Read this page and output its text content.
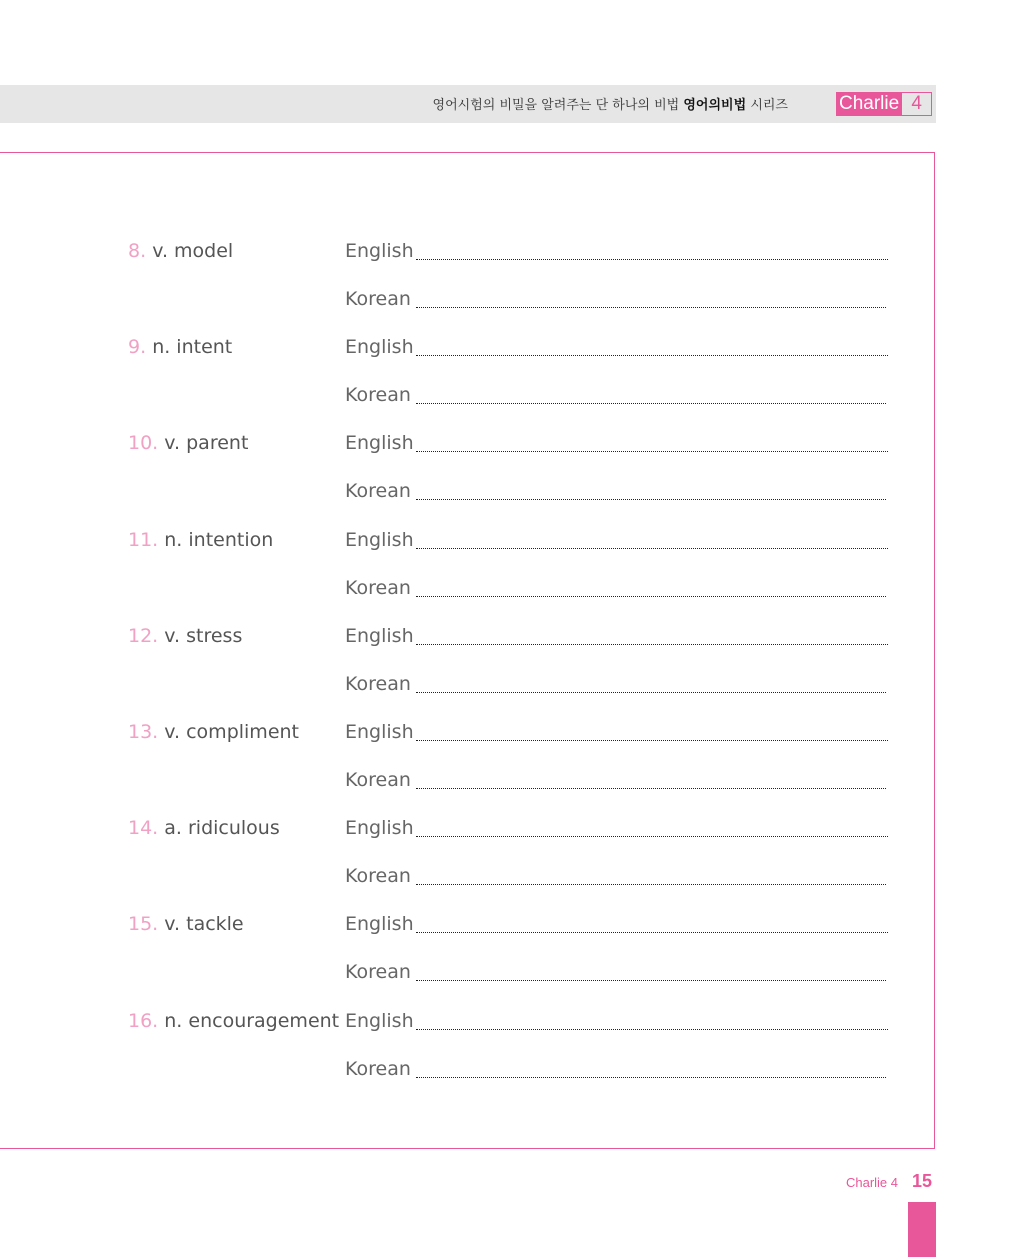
영어시험의 비밀을 알려주는 단 하나의 비법 영어의비법 시리즈	Charlie 4
8. v. model	English
Korean
9. n. intent	English
Korean
10. v. parent	English
Korean
11. n. intention	English
Korean
12. v. stress	English
Korean
13. v. compliment English
Korean
14. a. ridiculous	English
Korean
15. v. tackle	English
Korean
16. n. encouragement English
Korean
Charlie 4 15
